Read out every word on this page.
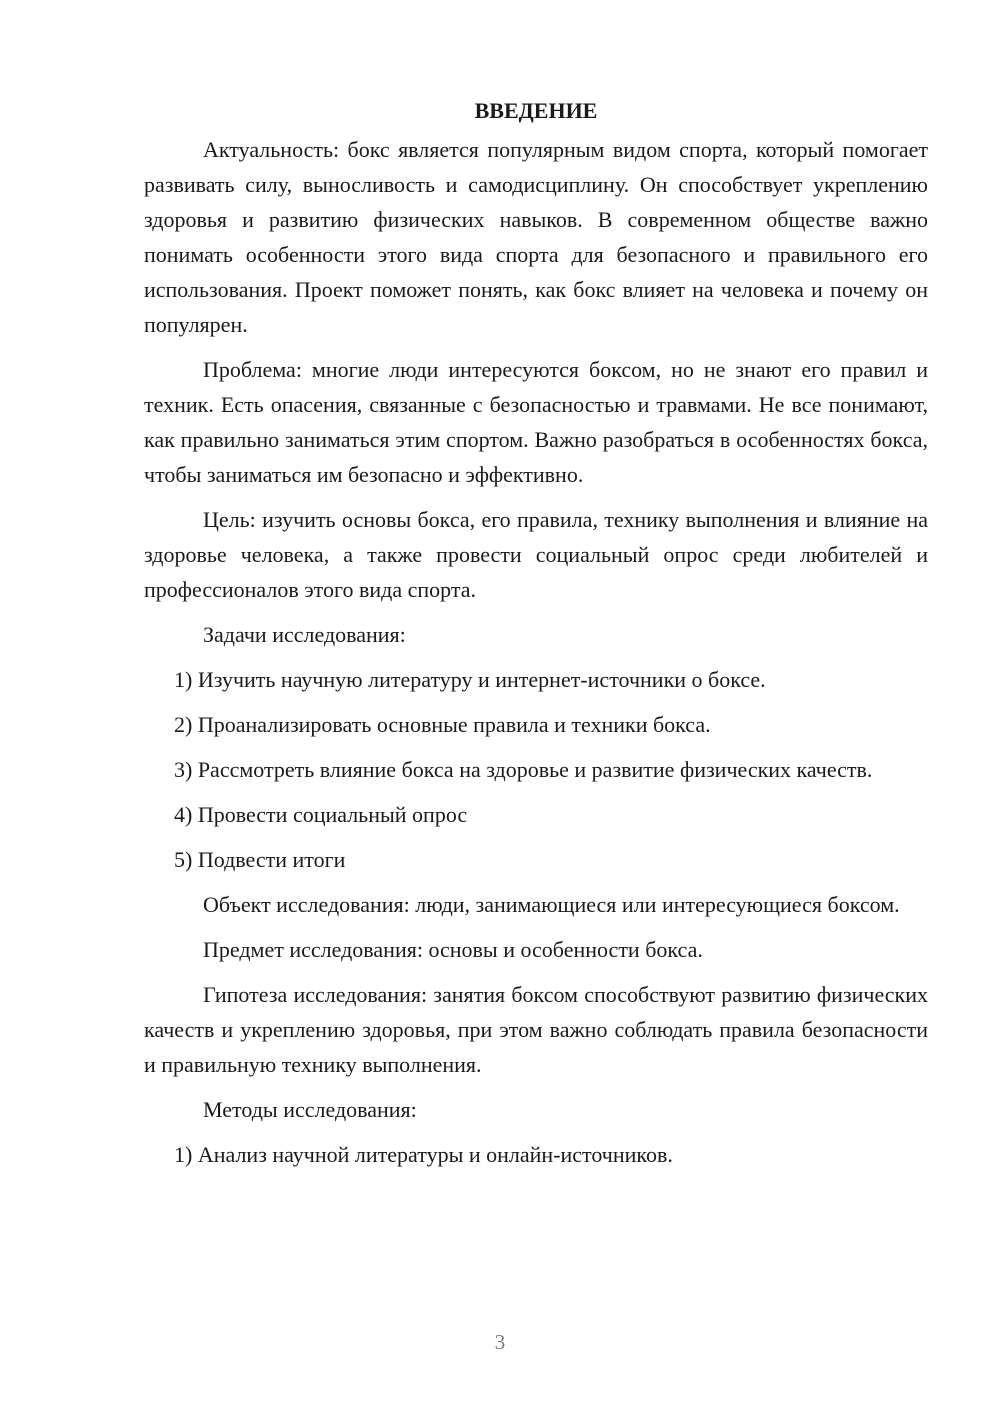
ВВЕДЕНИЕ

Актуальность: бокс является популярным видом спорта, который помогает развивать силу, выносливость и самодисциплину. Он способствует укреплению здоровья и развитию физических навыков. В современном обществе важно понимать особенности этого вида спорта для безопасного и правильного его использования. Проект поможет понять, как бокс влияет на человека и почему он популярен.

Проблема: многие люди интересуются боксом, но не знают его правил и техник. Есть опасения, связанные с безопасностью и травмами. Не все понимают, как правильно заниматься этим спортом. Важно разобраться в особенностях бокса, чтобы заниматься им безопасно и эффективно.

Цель: изучить основы бокса, его правила, технику выполнения и влияние на здоровье человека, а также провести социальный опрос среди любителей и профессионалов этого вида спорта.

Задачи исследования:

1) Изучить научную литературу и интернет-источники о боксе.

2) Проанализировать основные правила и техники бокса.

3) Рассмотреть влияние бокса на здоровье и развитие физических качеств.

4) Провести социальный опрос

5) Подвести итоги

Объект исследования: люди, занимающиеся или интересующиеся боксом.

Предмет исследования: основы и особенности бокса.

Гипотеза исследования: занятия боксом способствуют развитию физических качеств и укреплению здоровья, при этом важно соблюдать правила безопасности и правильную технику выполнения.

Методы исследования:

1) Анализ научной литературы и онлайн-источников.

3
